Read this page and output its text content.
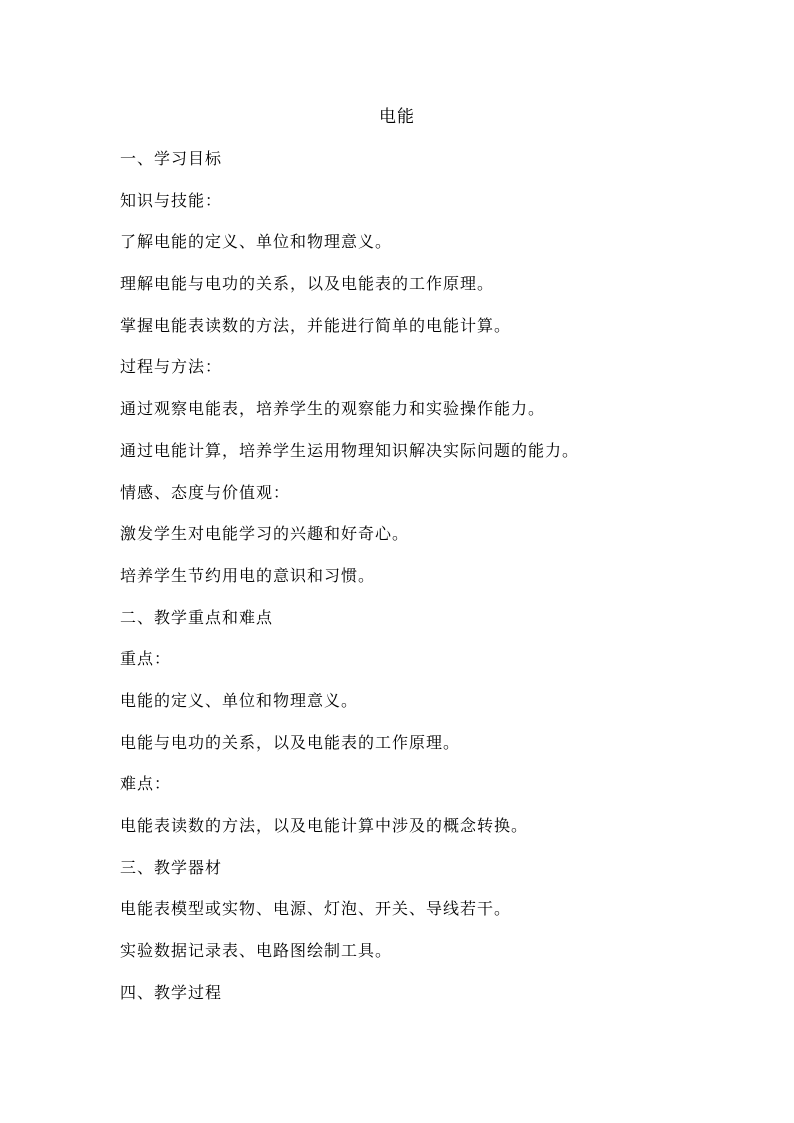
电能
一、学习目标
知识与技能：
了解电能的定义、单位和物理意义。
理解电能与电功的关系，以及电能表的工作原理。
掌握电能表读数的方法，并能进行简单的电能计算。
过程与方法：
通过观察电能表，培养学生的观察能力和实验操作能力。
通过电能计算，培养学生运用物理知识解决实际问题的能力。
情感、态度与价值观：
激发学生对电能学习的兴趣和好奇心。
培养学生节约用电的意识和习惯。
二、教学重点和难点
重点：
电能的定义、单位和物理意义。
电能与电功的关系，以及电能表的工作原理。
难点：
电能表读数的方法，以及电能计算中涉及的概念转换。
三、教学器材
电能表模型或实物、电源、灯泡、开关、导线若干。
实验数据记录表、电路图绘制工具。
四、教学过程
